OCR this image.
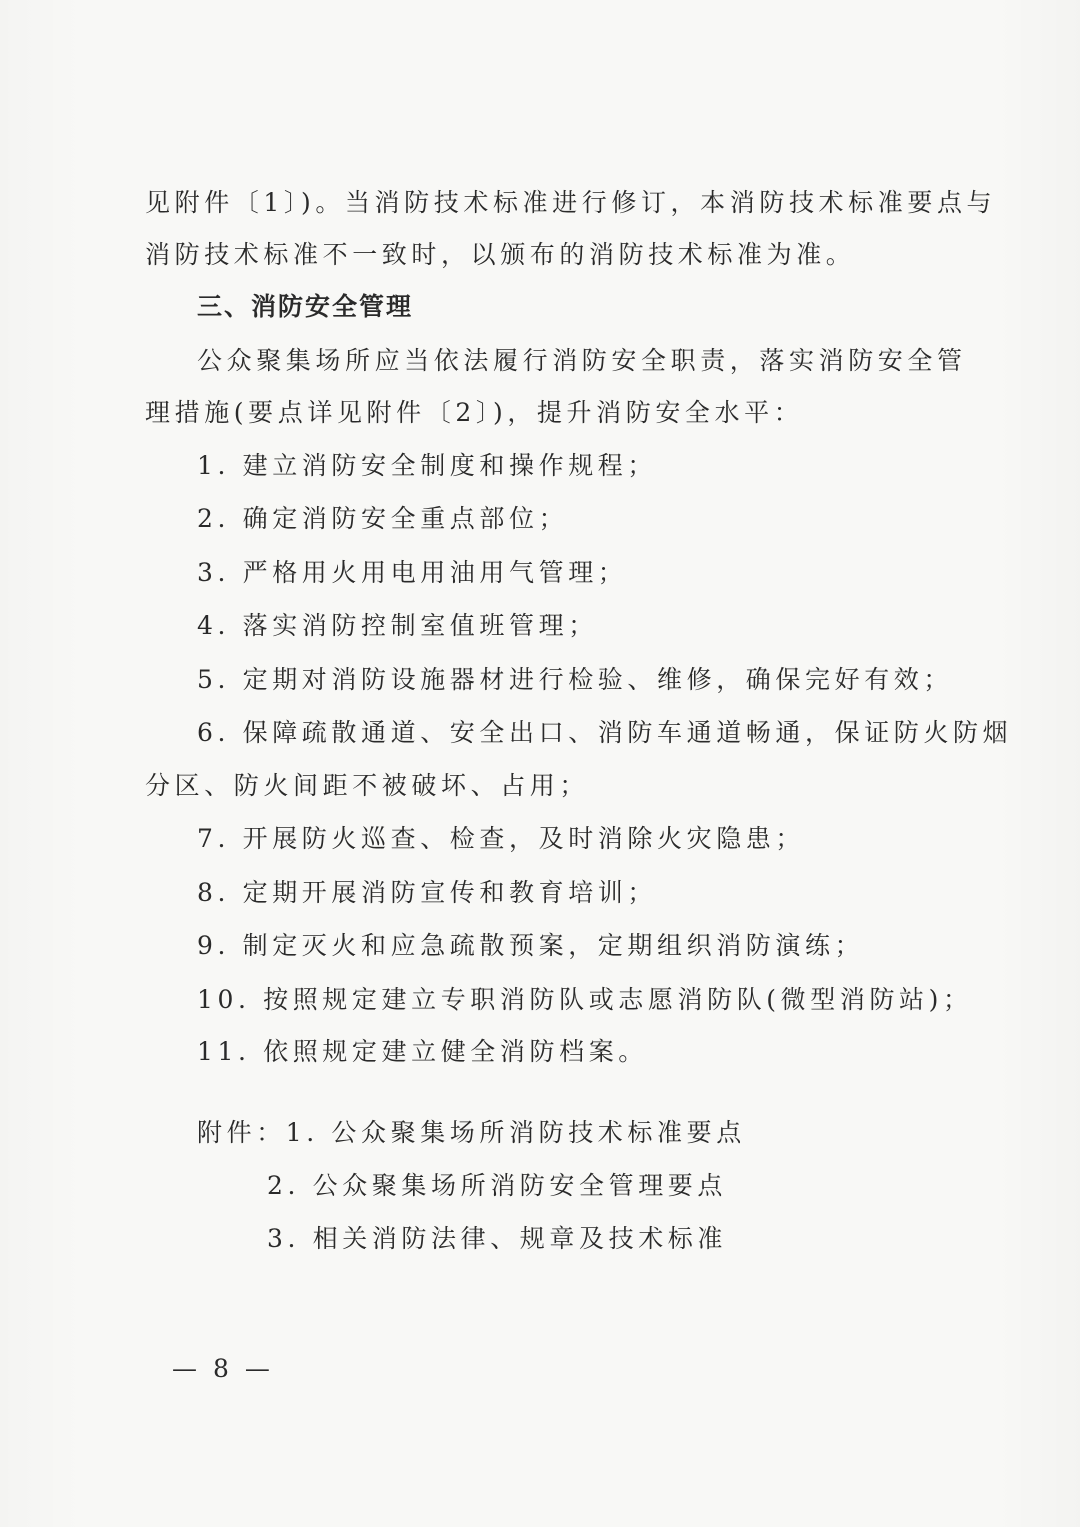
见附件〔1〕)。当消防技术标准进行修订，本消防技术标准要点与
消防技术标准不一致时，以颁布的消防技术标准为准。
三、消防安全管理
公众聚集场所应当依法履行消防安全职责，落实消防安全管
理措施(要点详见附件〔2〕)，提升消防安全水平：
1. 建立消防安全制度和操作规程；
2. 确定消防安全重点部位；
3. 严格用火用电用油用气管理；
4. 落实消防控制室值班管理；
5. 定期对消防设施器材进行检验、维修，确保完好有效；
6. 保障疏散通道、安全出口、消防车通道畅通，保证防火防烟
分区、防火间距不被破坏、占用；
7. 开展防火巡查、检查，及时消除火灾隐患；
8. 定期开展消防宣传和教育培训；
9. 制定灭火和应急疏散预案，定期组织消防演练；
10. 按照规定建立专职消防队或志愿消防队(微型消防站)；
11. 依照规定建立健全消防档案。
附件：1. 公众聚集场所消防技术标准要点
2. 公众聚集场所消防安全管理要点
3. 相关消防法律、规章及技术标准
— 8 —
